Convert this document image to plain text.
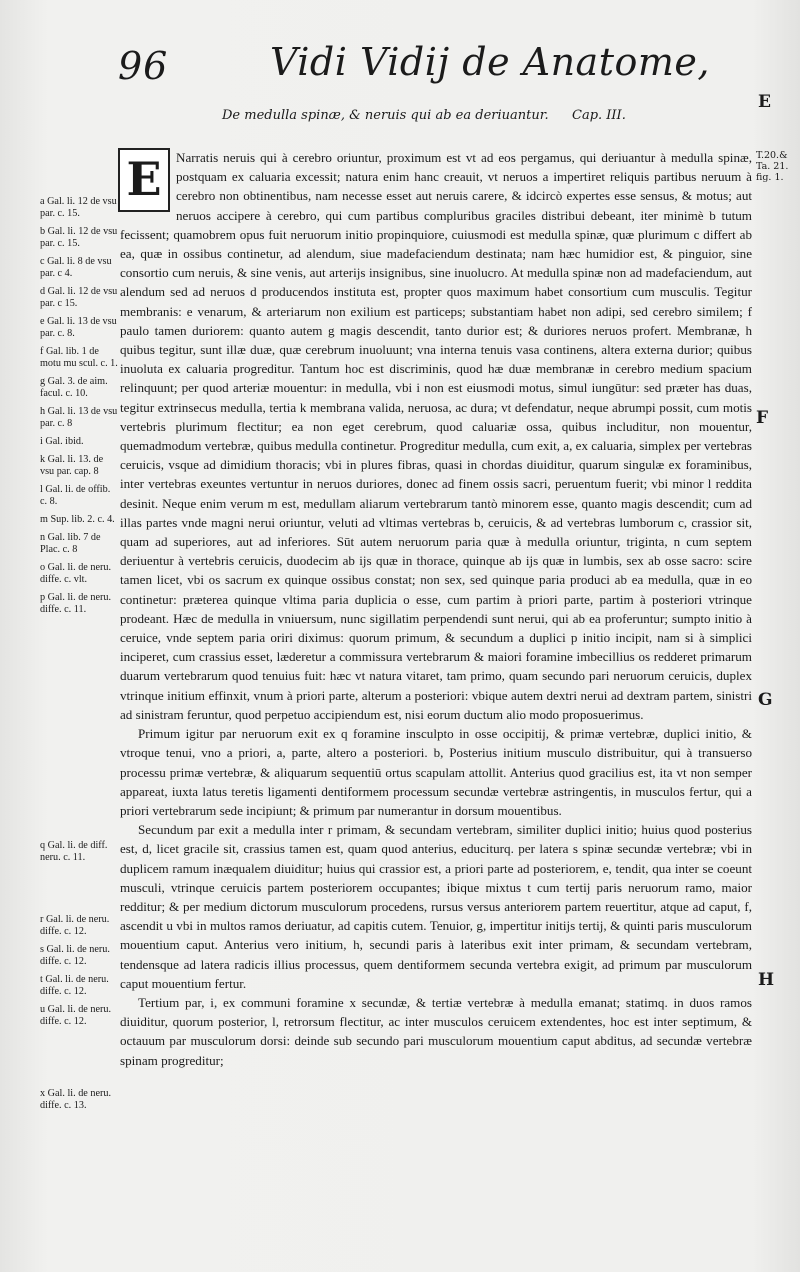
96	Vidi Vidij de Anatome,
E
F
G
H
De medulla spinæ, & neruis qui ab ea deriuantur. Cap. III.
T.20.& Ta. 21. fig. 1.
E	Narratis neruis qui à cerebro oriuntur, proximum est vt ad eos pergamus, qui deriuantur à medulla spinæ, postquam ex caluaria excessit; natura enim hanc creauit, vt neruos a impertiret reliquis partibus neruum à cerebro non obtinentibus, nam necesse esset aut neruis carere, & idcircò expertes esse sensus, & motus; aut neruos accipere à cerebro, qui cum partibus compluribus graciles distribui debeant, iter minimè b tutum fecissent; quamobrem opus fuit neruorum initio propinquiore, cuiusmodi est medulla spinæ, quæ plurimum c differt ab ea, quæ in ossibus continetur, ad alendum, siue madefaciendum destinata; nam hæc humidior est, & pinguior, sine consortio cum neruis, & sine venis, aut arterijs insignibus, sine inuolucro. At medulla spinæ non ad madefaciendum, aut alendum sed ad neruos d producendos instituta est, propter quos maximum habet consortium cum musculis. Tegitur membranis: e venarum, & arteriarum non exilium est particeps; substantiam habet non adipi, sed cerebro similem; f paulo tamen duriorem: quanto autem g magis descendit, tanto durior est; & duriores neruos profert. Membranæ, h quibus tegitur, sunt illæ duæ, quæ cerebrum inuoluunt; vna interna tenuis vasa continens, altera externa durior; quibus inuoluta ex caluaria progreditur. Tantum hoc est discriminis, quod hæ duæ membranæ in cerebro medium spacium relinquunt; per quod arteriæ mouentur: in medulla, vbi i non est eiusmodi motus, simul iungūtur: sed præter has duas, tegitur extrinsecus medulla, tertia k membrana valida, neruosa, ac dura; vt defendatur, neque abrumpi possit, cum motis vertebris plurimum flectitur; ea non eget cerebrum, quod caluariæ ossa, quibus includitur, non mouentur, quemadmodum vertebræ, quibus medulla continetur. Progreditur medulla, cum exit, a, ex caluaria, simplex per vertebras ceruicis, vsque ad dimidium thoracis; vbi in plures fibras, quasi in chordas diuiditur, quarum singulæ ex foraminibus, inter vertebras exeuntes vertuntur in neruos duriores, donec ad finem ossis sacri, peruentum fuerit; vbi minor l reddita desinit. Neque enim verum m est, medullam aliarum vertebrarum tantò minorem esse, quanto magis descendit; cum ad illas partes vnde magni nerui oriuntur, veluti ad vltimas vertebras b, ceruicis, & ad vertebras lumborum c, crassior sit, quam ad superiores, aut ad inferiores. Sūt autem neruorum paria quæ à medulla oriuntur, triginta, n cum septem deriuentur à vertebris ceruicis, duodecim ab ijs quæ in thorace, quinque ab ijs quæ in lumbis, sex ab osse sacro: scire tamen licet, vbi os sacrum ex quinque ossibus constat; non sex, sed quinque paria produci ab ea medulla, quæ in eo continetur: præterea quinque vltima paria duplicia o esse, cum partim à priori parte, partim à posteriori vtrinque prodeant. Hæc de medulla in vniuersum, nunc sigillatim perpendendi sunt nerui, qui ab ea proferuntur; sumpto initio à ceruice, vnde septem paria oriri diximus: quorum primum, & secundum a duplici p initio incipit, nam si à simplici inciperet, cum crassius esset, læderetur a commissura vertebrarum & maiori foramine imbecillius os redderet primarum duarum vertebrarum quod tenuius fuit: hæc vt natura vitaret, tam primo, quam secundo pari neruorum ceruicis, duplex vtrinque initium effinxit, vnum à priori parte, alterum a posteriori: vbique autem dextri nerui ad dextram partem, sinistri ad sinistram feruntur, quod perpetuo accipiendum est, nisi eorum ductum alio modo proposuerimus.

Primum igitur par neruorum exit ex q foramine insculpto in osse occipitij, & primæ vertebræ, duplici initio, & vtroque tenui, vno a priori, a, parte, altero a posteriori. b, Posterius initium musculo distribuitur, qui à transuerso processu primæ vertebræ, & aliquarum sequentiū ortus scapulam attollit. Anterius quod gracilius est, ita vt non semper appareat, iuxta latus teretis ligamenti dentiformem processum secundæ vertebræ astringentis, in musculos fertur, qui a priori vertebrarum sede incipiunt; & primum par numerantur in dorsum mouentibus.

Secundum par exit a medulla inter r primam, & secundam vertebram, similiter duplici initio; huius quod posterius est, d, licet gracile sit, crassius tamen est, quam quod anterius, educiturq. per latera s spinæ secundæ vertebræ; vbi in duplicem ramum inæqualem diuiditur; huius qui crassior est, a priori parte ad posteriorem, e, tendit, qua inter se coeunt musculi, vtrinque ceruicis partem posteriorem occupantes; ibique mixtus t cum tertij paris neruorum ramo, maior redditur; & per medium dictorum musculorum procedens, rursus versus anteriorem partem reuertitur, atque ad caput, f, ascendit u vbi in multos ramos deriuatur, ad capitis cutem. Tenuior, g, impertitur initijs tertij, & quinti paris musculorum mouentium caput. Anterius vero initium, h, secundi paris à lateribus exit inter primam, & secundam vertebram, tendensque ad latera radicis illius processus, quem dentiformem secunda vertebra exigit, ad primum par musculorum caput mouentium fertur.

Tertium par, i, ex communi foramine x secundæ, & tertiæ vertebræ à medulla emanat; statimq. in duos ramos diuiditur, quorum posterior, l, retrorsum flectitur, ac inter musculos ceruicem extendentes, hoc est inter septimum, & octauum par musculorum dorsi: deinde sub secundo pari musculorum mouentium caput abditus, ad secundæ vertebræ spinam progreditur;

a Gal. li. 12 de vsu par. c. 15.
b Gal. li. 12 de vsu par. c. 15.
c Gal. li. 8 de vsu par. c 4.
d Gal. li. 12 de vsu par. c 15.
e Gal. li. 13 de vsu par. c. 8.
f Gal. lib. 1 de motu mu scul. c. 1.
g Gal. 3. de aim. facul. c. 10.
h Gal. li. 13 de vsu par. c. 8
i Gal. ibid.
k Gal. li. 13. de vsu par. cap. 8
l Gal. li. de offib. c. 8.
m Sup. lib. 2. c. 4.
n Gal. lib. 7 de Plac. c. 8
o Gal. li. de neru. diffe. c. vlt.
p Gal. li. de neru. diffe. c. 11.
q Gal. li. de diff. neru. c. 11.
r Gal. li. de neru. diffe. c. 12.
s Gal. li. de neru. diffe. c. 12.
t Gal. li. de neru. diffe. c. 12.
u Gal. li. de neru. diffe. c. 12.
x Gal. li. de neru. diffe. c. 13.
